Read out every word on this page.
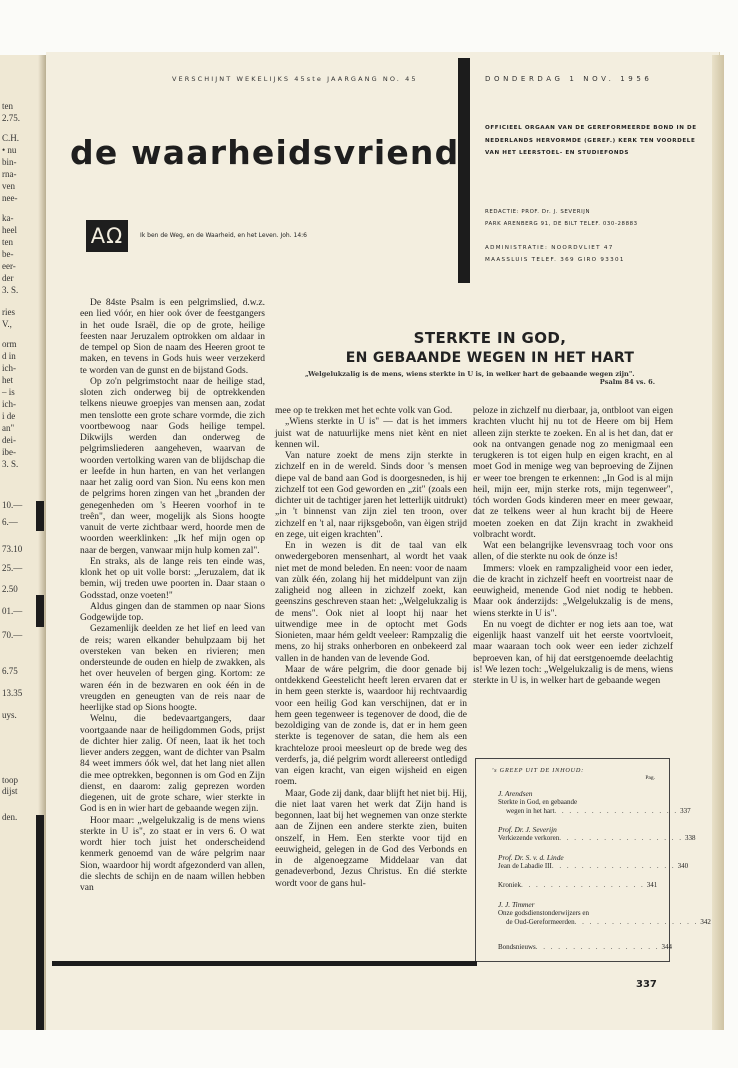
ten
2.75.
C.H.
• nu
bin-
rna-
ven
nee-
ka-
heel
ten
be-
eer-
der
3. S.
ries
V.,
orm
d in
ich-
het
– is
ich-
i de
an"
dei-
ibe-
3. S.
10.—
6.—
73.10
25.—
2.50
01.—
70.—
6.75
13.35
uys.
toop
dijst
den.
VERSCHIJNT WEKELIJKS 45ste JAARGANG NO. 45	DONDERDAG 1 NOV. 1956
de waarheidsvriend
OFFICIEEL ORGAAN VAN DE GEREFORMEERDE BOND IN DE NEDERLANDS HERVORMDE (GEREF.) KERK TEN VOORDELE VAN HET LEERSTOEL- EN STUDIEFONDS
REDACTIE: PROF. Dr. J. SEVERIJN
PARK ARENBERG 91, DE BILT TELEF. 030-28883
ADMINISTRATIE: NOORDVLIET 47
MAASSLUIS TELEF. 369 GIRO 93301
AΩ	Ik ben de Weg, en de Waarheid, en het Leven. Joh. 14:6
STERKTE IN GOD,
EN GEBAANDE WEGEN IN HET HART
„Welgelukzalig is de mens, wiens sterkte in U is, in welker hart de gebaande wegen zijn".
Psalm 84 vs. 6.

De 84ste Psalm is een pelgrimslied, d.w.z. een lied vóór, en hier ook óver de feestgangers in het oude Israël, die op de grote, heilige feesten naar Jeruzalem optrokken om aldaar in de tempel op Sion de naam des Heeren groot te maken, en tevens in Gods huis weer verzekerd te worden van de gunst en de bijstand Gods.

Op zo'n pelgrimstocht naar de heilige stad, sloten zich onderweg bij de optrekkenden telkens nieuwe groepjes van mensen aan, zodat men tenslotte een grote schare vormde, die zich voortbewoog naar Gods heilige tempel. Dikwijls werden dan onderweg de pelgrimsliederen aangeheven, waarvan de woorden vertolking waren van de blijdschap die er leefde in hun harten, en van het verlangen naar het zalig oord van Sion. Nu eens kon men de pelgrims horen zingen van het „branden der genegenheden om 's Heeren voorhof in te treên", dan weer, mogelijk als Sions hoogte vanuit de verte zichtbaar werd, hoorde men de woorden weerklinken: „Ik hef mijn ogen op naar de bergen, vanwaar mijn hulp komen zal".

En straks, als de lange reis ten einde was, klonk het op uit volle borst: „Jeruzalem, dat ik bemin, wij treden uwe poorten in. Daar staan o Godsstad, onze voeten!"

Aldus gingen dan de stammen op naar Sions Godgewijde top.

Gezamenlijk deelden ze het lief en leed van de reis; waren elkander behulpzaam bij het oversteken van beken en rivieren; men ondersteunde de ouden en hielp de zwakken, als het over heuvelen of bergen ging. Kortom: ze waren één in de bezwaren en ook één in de vreugden en geneugten van de reis naar de heerlijke stad op Sions hoogte.

Welnu, die bedevaartgangers, daar voortgaande naar de heiligdommen Gods, prijst de dichter hier zalig. Of neen, laat ik het toch liever anders zeggen, want de dichter van Psalm 84 weet immers óók wel, dat het lang niet allen die mee optrekken, begonnen is om God en Zijn dienst, en daarom: zalig geprezen worden diegenen, uit de grote schare, wier sterkte in God is en in wier hart de gebaande wegen zijn.

Hoor maar: „welgelukzalig is de mens wiens sterkte in U is", zo staat er in vers 6. O wat wordt hier toch juist het onderscheidend kenmerk genoemd van de wáre pelgrim naar Sion, waardoor hij wordt afgezonderd van allen, die slechts de schijn en de naam willen hebben van

mee op te trekken met het echte volk van God.

„Wiens sterkte in U is" — dat is het immers juist wat de natuurlijke mens niet kènt en niet kennen wil.

Van nature zoekt de mens zijn sterkte in zichzelf en in de wereld. Sinds door 's mensen diepe val de band aan God is doorgesneden, is hij zichzelf tot een God geworden en „zit" (zoals een dichter uit de tachtiger jaren het letterlijk uitdrukt) „in 't binnenst van zijn ziel ten troon, over zichzelf en 't al, naar rijksgeboôn, van èigen strijd en zege, uit eigen krachten".

En in wezen is dit de taal van elk onwedergeboren mensenhart, al wordt het vaak niet met de mond beleden. En neen: voor de naam van zùlk één, zolang hij het middelpunt van zijn zaligheid nog alleen in zichzelf zoekt, kan geenszins geschreven staan het: „Welgelukzalig is de mens". Ook niet al loopt hij naar het uitwendige mee in de optocht met Gods Sionieten, maar hém geldt veeleer: Rampzalig die mens, zo hij straks onherboren en onbekeerd zal vallen in de handen van de levende God.

Maar de wáre pelgrim, die door genade bij ontdekkend Geestelicht heeft leren ervaren dat er in hem geen sterkte is, waardoor hij rechtvaardig voor een heilig God kan verschijnen, dat er in hem geen tegenweer is tegenover de dood, die de bezoldiging van de zonde is, dat er in hem geen sterkte is tegenover de satan, die hem als een krachteloze prooi meesleurt op de brede weg des verderfs, ja, dié pelgrim wordt allereerst ontledigd van eigen kracht, van eigen wijsheid en eigen roem.

Maar, Gode zij dank, daar blijft het niet bij. Hij, die niet laat varen het werk dat Zijn hand is begonnen, laat bij het wegnemen van onze sterkte aan de Zijnen een andere sterkte zien, buiten onszelf, in Hem. Een sterkte voor tijd en eeuwigheid, gelegen in de God des Verbonds en in de algenoegzame Middelaar van dat genadeverbond, Jezus Christus. En dié sterkte wordt voor de gans hul-

peloze in zichzelf nu dierbaar, ja, ontbloot van eigen krachten vlucht hij nu tot de Heere om bij Hem alleen zijn sterkte te zoeken. En al is het dan, dat er ook na ontvangen genade nog zo menigmaal een terugkeren is tot eigen hulp en eigen kracht, en al moet God in menige weg van beproeving de Zijnen er weer toe brengen te erkennen: „In God is al mijn heil, mijn eer, mijn sterke rots, mijn tegenweer", tóch worden Gods kinderen meer en meer gewaar, dat ze telkens weer al hun kracht bij de Heere moeten zoeken en dat Zijn kracht in zwakheid volbracht wordt.

Wat een belangrijke levensvraag toch voor ons allen, of die sterkte nu ook de ónze is!

Immers: vloek en rampzaligheid voor een ieder, die de kracht in zichzelf heeft en voortreist naar de eeuwigheid, menende God niet nodig te hebben. Maar ook ánderzijds: „Welgelukzalig is de mens, wiens sterkte in U is".

En nu voegt de dichter er nog iets aan toe, wat eigenlijk haast vanzelf uit het eerste voortvloeit, maar waaraan toch ook weer een ieder zichzelf beproeven kan, of hij dat eerstgenoemde deelachtig is! We lezen toch: „Welgelukzalig is de mens, wiens sterkte in U is, in welker hart de gebaande wegen

's GREEP UIT DE INHOUD:
Pag.
J. Arendsen
Sterkte in God, en gebaande
wegen in het hart . . . . . . . . . . . . . . . . . 337
Prof. Dr. J. Severijn
Verkiezende verkoren . . . . . . . . . . . . . . . . . 338
Prof. Dr. S. v. d. Linde
Jean de Labadie III . . . . . . . . . . . . . . . . . 340
Kroniek . . . . . . . . . . . . . . . . . 341
J. J. Timmer
Onze godsdienstonderwijzers en
de Oud-Gereformeerden . . . . . . . . . . . . . . . . . 342
Bondsnieuws . . . . . . . . . . . . . . . . . 344
337
